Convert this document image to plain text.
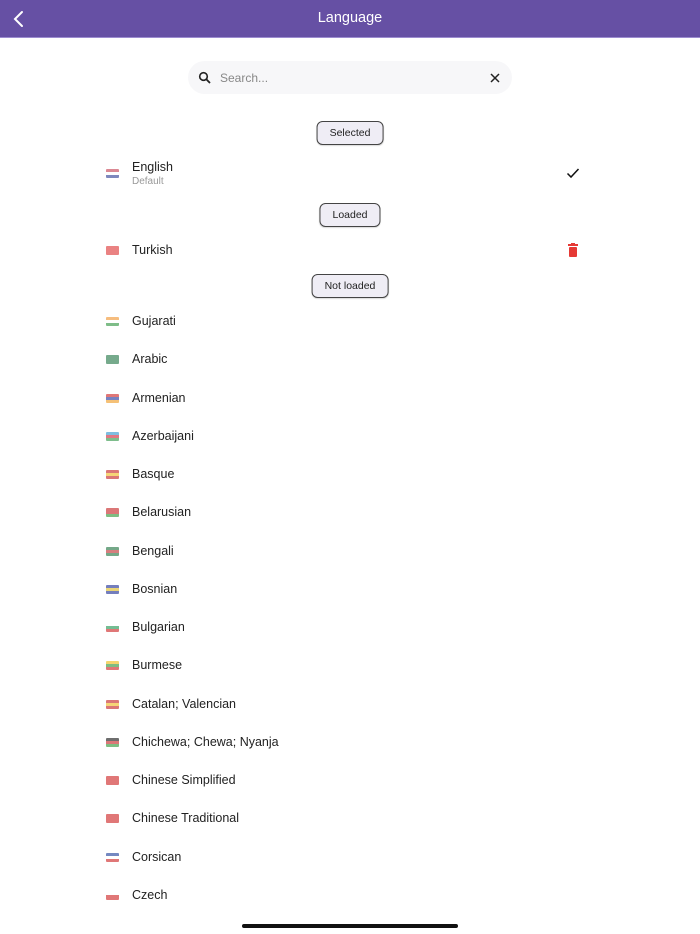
Language
Search...
Selected
English
Default
Loaded
Turkish
Not loaded
Gujarati
Arabic
Armenian
Azerbaijani
Basque
Belarusian
Bengali
Bosnian
Bulgarian
Burmese
Catalan; Valencian
Chichewa; Chewa; Nyanja
Chinese Simplified
Chinese Traditional
Corsican
Czech
